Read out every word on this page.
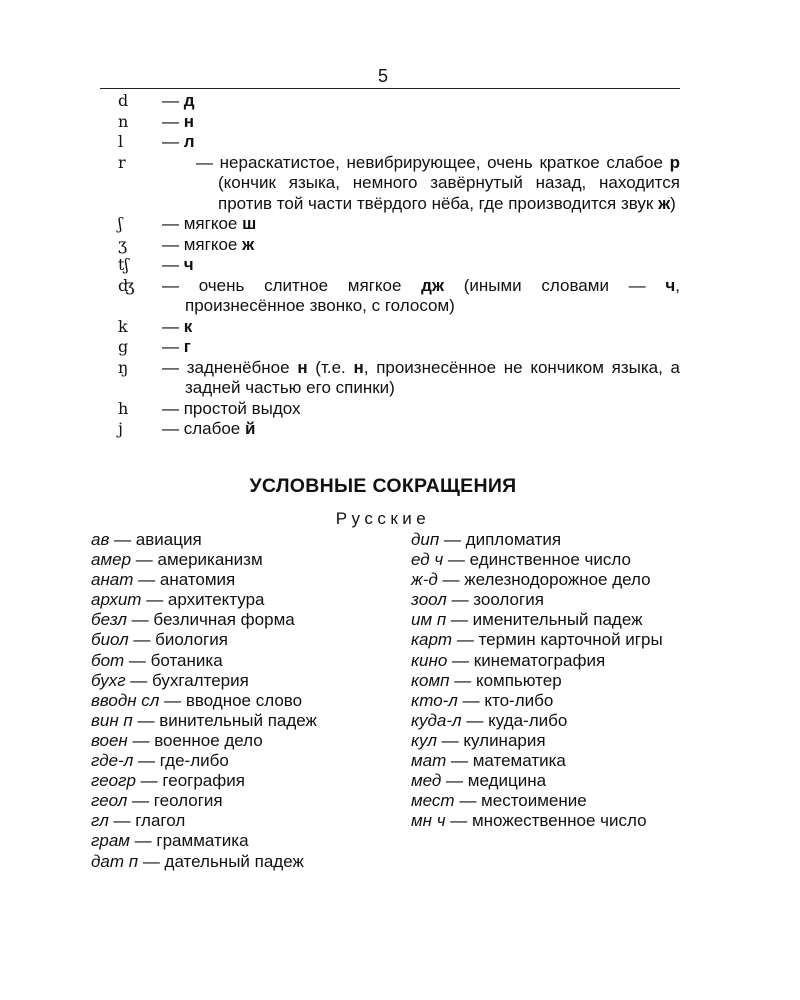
5
d — д
n — н
l — л
r	— нераскатистое, невибрирующее, очень краткое слабое р (кончик языка, немного завёрнутый назад, находится против той части твёрдого нёба, где производится звук ж)
ʃ — мягкое ш
ʒ — мягкое ж
tʃ — ч
ʤ — очень слитное мягкое дж (иными словами — ч, произнесённое звонко, с голосом)
k — к
g — г
ŋ — задненёбное н (т.е. н, произнесённое не кончиком языка, а задней частью его спинки)
h — простой выдох
j — слабое й
УСЛОВНЫЕ СОКРАЩЕНИЯ
Русские
ав — авиация
амер — американизм
анат — анатомия
архит — архитектура
безл — безличная форма
биол — биология
бот — ботаника
бухг — бухгалтерия
вводн сл — вводное слово
вин п — винительный падеж
воен — военное дело
где-л — где-либо
геогр — география
геол — геология
гл — глагол
грам — грамматика
дат п — дательный падеж
дип — дипломатия
ед ч — единственное число
ж-д — железнодорожное дело
зоол — зоология
им п — именительный падеж
карт — термин карточной игры
кино — кинематография
комп — компьютер
кто-л — кто-либо
куда-л — куда-либо
кул — кулинария
мат — математика
мед — медицина
мест — местоимение
мн ч — множественное число
